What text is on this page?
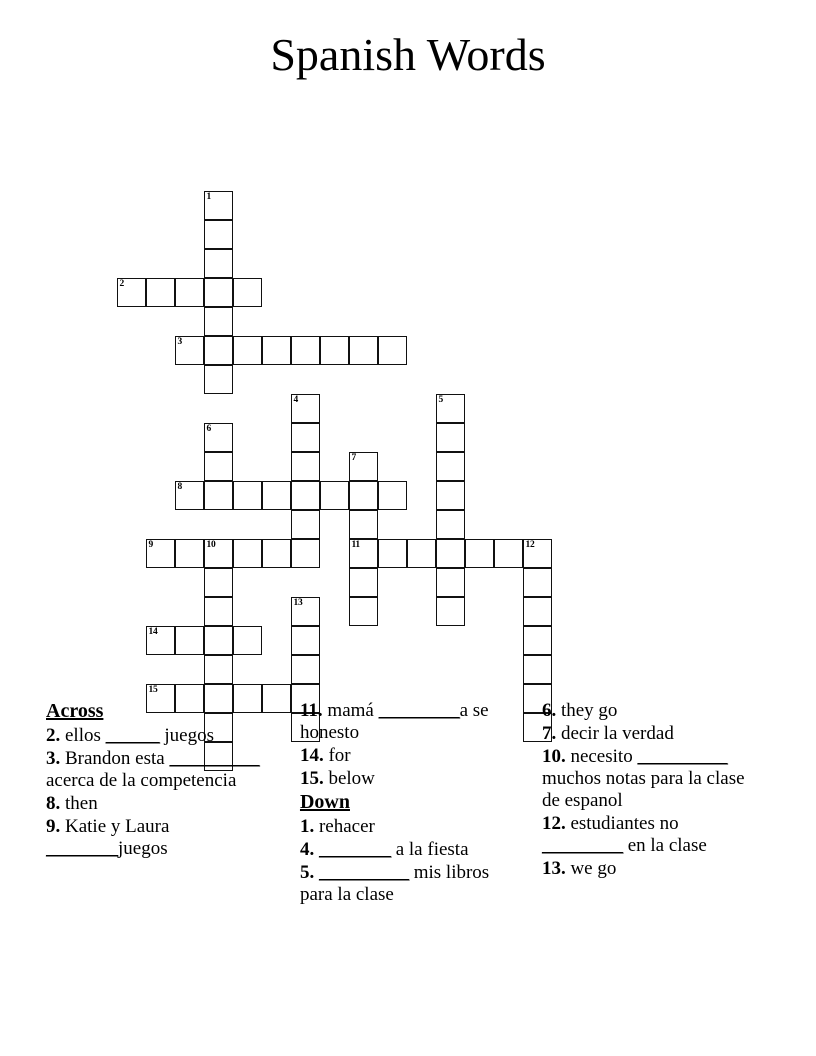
Spanish Words
1
2
3
4	5
6
7
8
9	10	11	12
13
14
15
Across
2. ellos ______ juegos
3. Brandon esta __________ acerca de la competencia
8. then
9. Katie y Laura ________juegos
11. mamá _________a se honesto
14. for
15. below
Down
1. rehacer
4. ________ a la fiesta
5. __________ mis libros para la clase
6. they go
7. decir la verdad
10. necesito __________ muchos notas para la clase de espanol
12. estudiantes no _________ en la clase
13. we go
